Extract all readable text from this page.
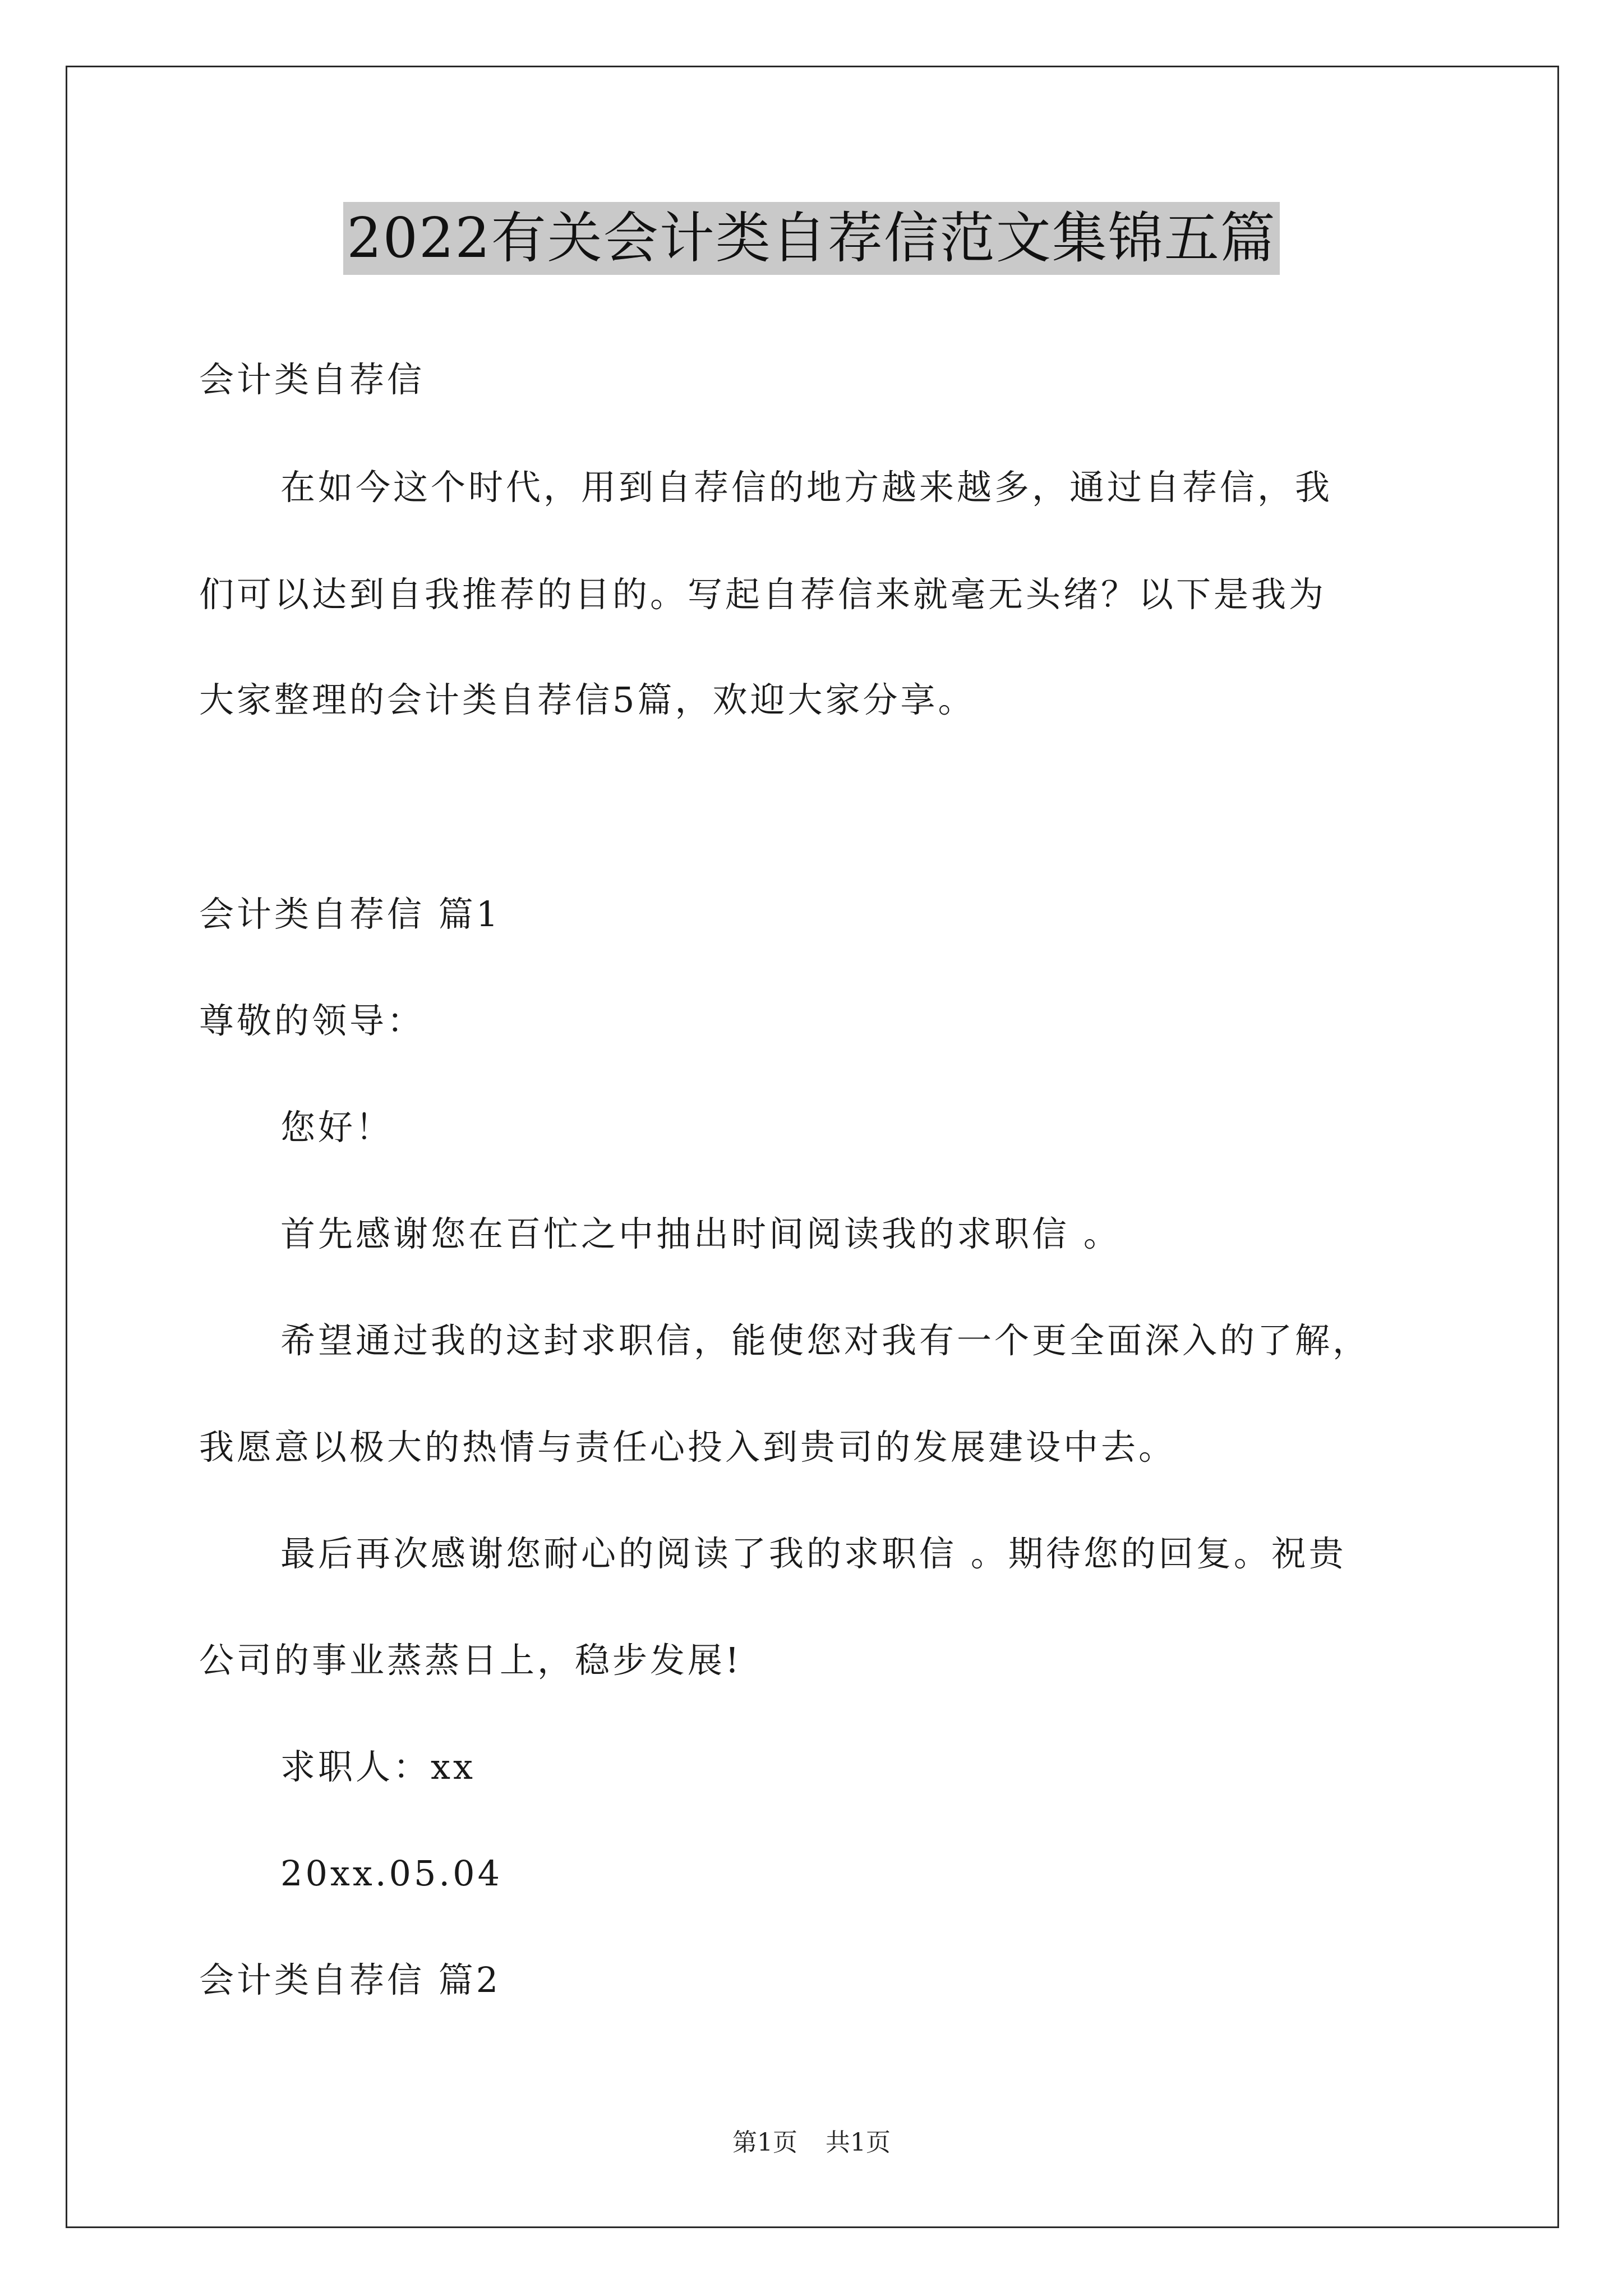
2022有关会计类自荐信范文集锦五篇
会计类自荐信
在如今这个时代，用到自荐信的地方越来越多，通过自荐信，我
们可以达到自我推荐的目的。写起自荐信来就毫无头绪？以下是我为
大家整理的会计类自荐信5篇，欢迎大家分享。
会计类自荐信 篇1
尊敬的领导：
您好！
首先感谢您在百忙之中抽出时间阅读我的求职信 。
希望通过我的这封求职信，能使您对我有一个更全面深入的了解，
我愿意以极大的热情与责任心投入到贵司的发展建设中去。
最后再次感谢您耐心的阅读了我的求职信 。期待您的回复。祝贵
公司的事业蒸蒸日上，稳步发展!
求职人：xx
20xx.05.04
会计类自荐信 篇2
第1页 共1页
